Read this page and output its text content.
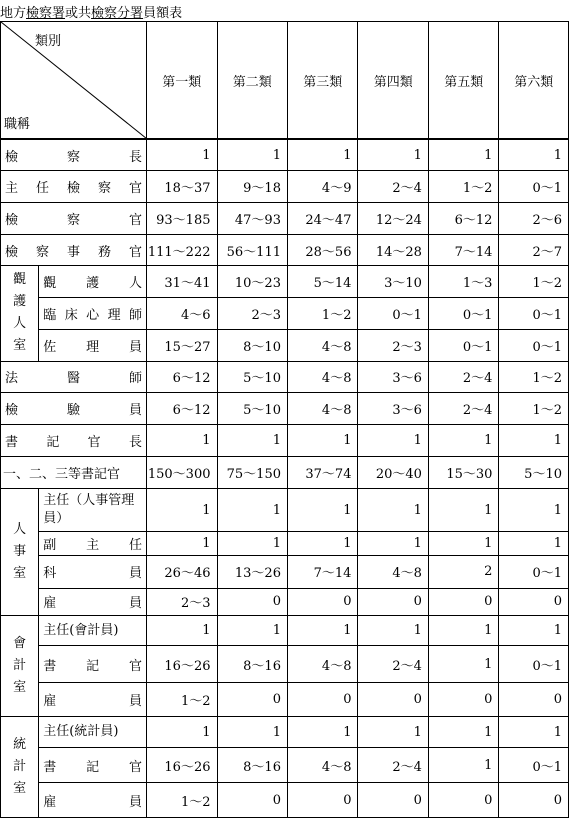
地方檢察署或共檢察分署員額表
類別
職稱		第一類	第二類	第三類	第四類	第五類	第六類
檢察長		1	1	1	1	1	1
主任檢察官		18～37	9～18	4～9	2～4	1～2	0～1
檢察官		93～185	47～93	24～47	12～24	6～12	2～6
檢察事務官		111～222	56～111	28～56	14～28	7～14	2～7

觀護人室	觀護人	31～41	10～23	5～14	3～10	1～3	1～2
	臨床心理師	4～6	2～3	1～2	0～1	0～1	0～1
	佐理員	15～27	8～10	4～8	2～3	0～1	0～1
法醫師		6～12	5～10	4～8	3～6	2～4	1～2
檢驗員		6～12	5～10	4～8	3～6	2～4	1～2
書記官長		1	1	1	1	1	1
一、二、三等書記官		150～300	75～150	37～74	20～40	15～30	5～10

人事室	主任（人事管理員）	1	1	1	1	1	1
	副主任	1	1	1	1	1	1
	科員	26～46	13～26	7～14	4～8	2	0～1
	雇員	2～3	0	0	0	0	0

會計室	主任(會計員)	1	1	1	1	1	1
	書記官	16～26	8～16	4～8	2～4	1	0～1
	雇員	1～2	0	0	0	0	0

統計室	主任(統計員)	1	1	1	1	1	1
	書記官	16～26	8～16	4～8	2～4	1	0～1
	雇員	1～2	0	0	0	0	0
